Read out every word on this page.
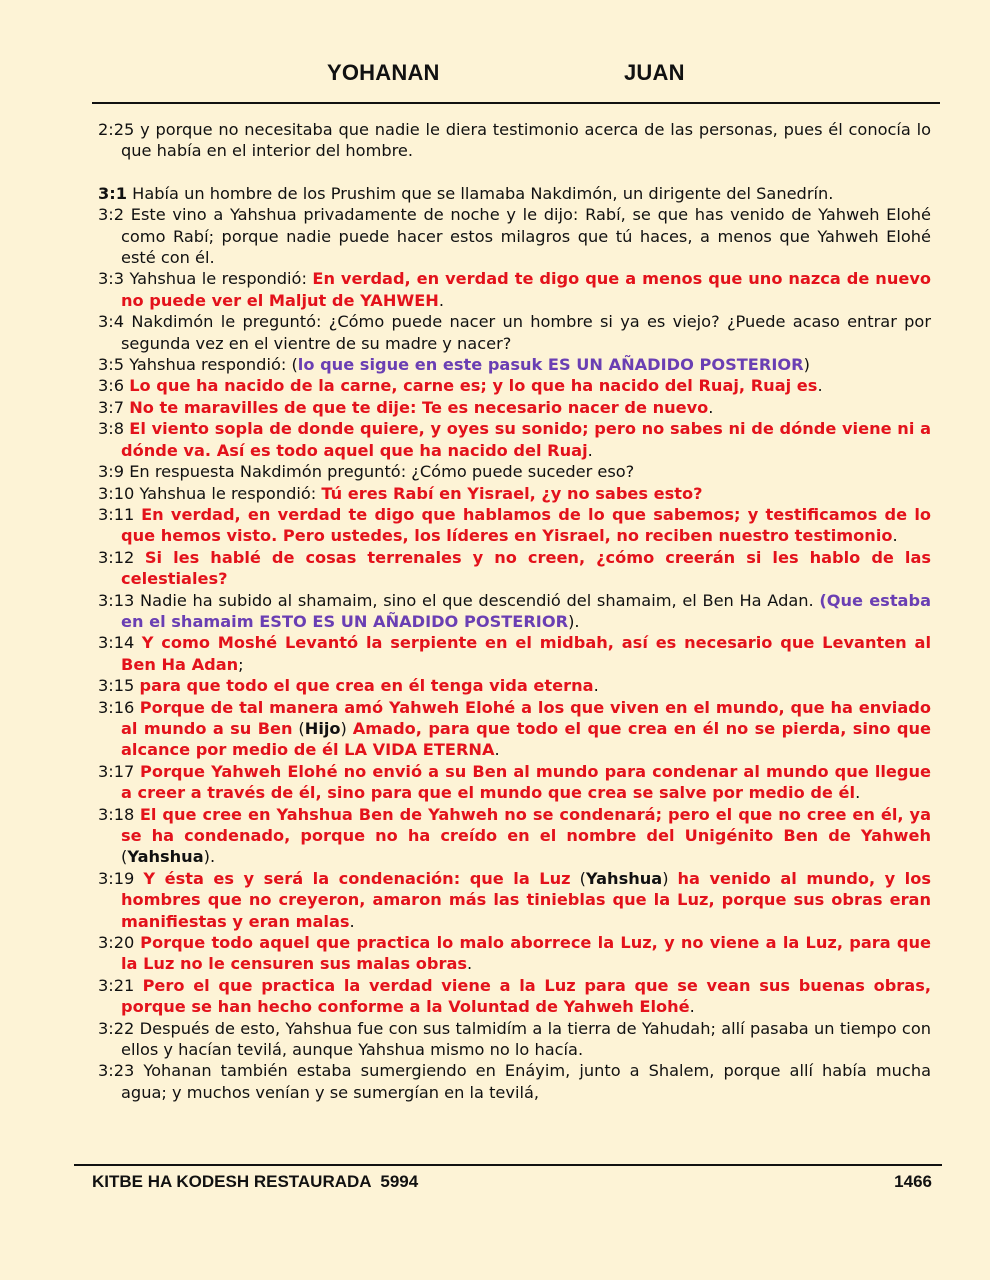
YOHANAN	JUAN

2:25 y porque no necesitaba que nadie le diera testimonio acerca de las personas, pues él conocía lo que había en el interior del hombre.

3:1 Había un hombre de los Prushim que se llamaba Nakdimón, un dirigente del Sanedrín.

3:2 Este vino a Yahshua privadamente de noche y le dijo: Rabí, se que has venido de Yahweh Elohé como Rabí; porque nadie puede hacer estos milagros que tú haces, a menos que Yahweh Elohé esté con él.

3:3 Yahshua le respondió: En verdad, en verdad te digo que a menos que uno nazca de nuevo no puede ver el Maljut de YAHWEH.

3:4 Nakdimón le preguntó: ¿Cómo puede nacer un hombre si ya es viejo? ¿Puede acaso entrar por segunda vez en el vientre de su madre y nacer?

3:5 Yahshua respondió: (lo que sigue en este pasuk ES UN AÑADIDO POSTERIOR)

3:6 Lo que ha nacido de la carne, carne es; y lo que ha nacido del Ruaj, Ruaj es.

3:7 No te maravilles de que te dije: Te es necesario nacer de nuevo.

3:8 El viento sopla de donde quiere, y oyes su sonido; pero no sabes ni de dónde viene ni a dónde va. Así es todo aquel que ha nacido del Ruaj.

3:9 En respuesta Nakdimón preguntó: ¿Cómo puede suceder eso?

3:10 Yahshua le respondió: Tú eres Rabí en Yisrael, ¿y no sabes esto?

3:11 En verdad, en verdad te digo que hablamos de lo que sabemos; y testificamos de lo que hemos visto. Pero ustedes, los líderes en Yisrael, no reciben nuestro testimonio.

3:12 Si les hablé de cosas terrenales y no creen, ¿cómo creerán si les hablo de las celestiales?

3:13 Nadie ha subido al shamaim, sino el que descendió del shamaim, el Ben Ha Adan. (Que estaba en el shamaim ESTO ES UN AÑADIDO POSTERIOR).

3:14 Y como Moshé Levantó la serpiente en el midbah, así es necesario que Levanten al Ben Ha Adan;

3:15 para que todo el que crea en él tenga vida eterna.

3:16 Porque de tal manera amó Yahweh Elohé a los que viven en el mundo, que ha enviado al mundo a su Ben (Hijo) Amado, para que todo el que crea en él no se pierda, sino que alcance por medio de él LA VIDA ETERNA.

3:17 Porque Yahweh Elohé no envió a su Ben al mundo para condenar al mundo que llegue a creer a través de él, sino para que el mundo que crea se salve por medio de él.

3:18 El que cree en Yahshua Ben de Yahweh no se condenará; pero el que no cree en él, ya se ha condenado, porque no ha creído en el nombre del Unigénito Ben de Yahweh (Yahshua).

3:19 Y ésta es y será la condenación: que la Luz (Yahshua) ha venido al mundo, y los hombres que no creyeron, amaron más las tinieblas que la Luz, porque sus obras eran manifiestas y eran malas.

3:20 Porque todo aquel que practica lo malo aborrece la Luz, y no viene a la Luz, para que la Luz no le censuren sus malas obras.

3:21 Pero el que practica la verdad viene a la Luz para que se vean sus buenas obras, porque se han hecho conforme a la Voluntad de Yahweh Elohé.

3:22 Después de esto, Yahshua fue con sus talmidím a la tierra de Yahudah; allí pasaba un tiempo con ellos y hacían tevilá, aunque Yahshua mismo no lo hacía.

3:23 Yohanan también estaba sumergiendo en Enáyim, junto a Shalem, porque allí había mucha agua; y muchos venían y se sumergían en la tevilá,

KITBE HA KODESH RESTAURADA  5994	1466
